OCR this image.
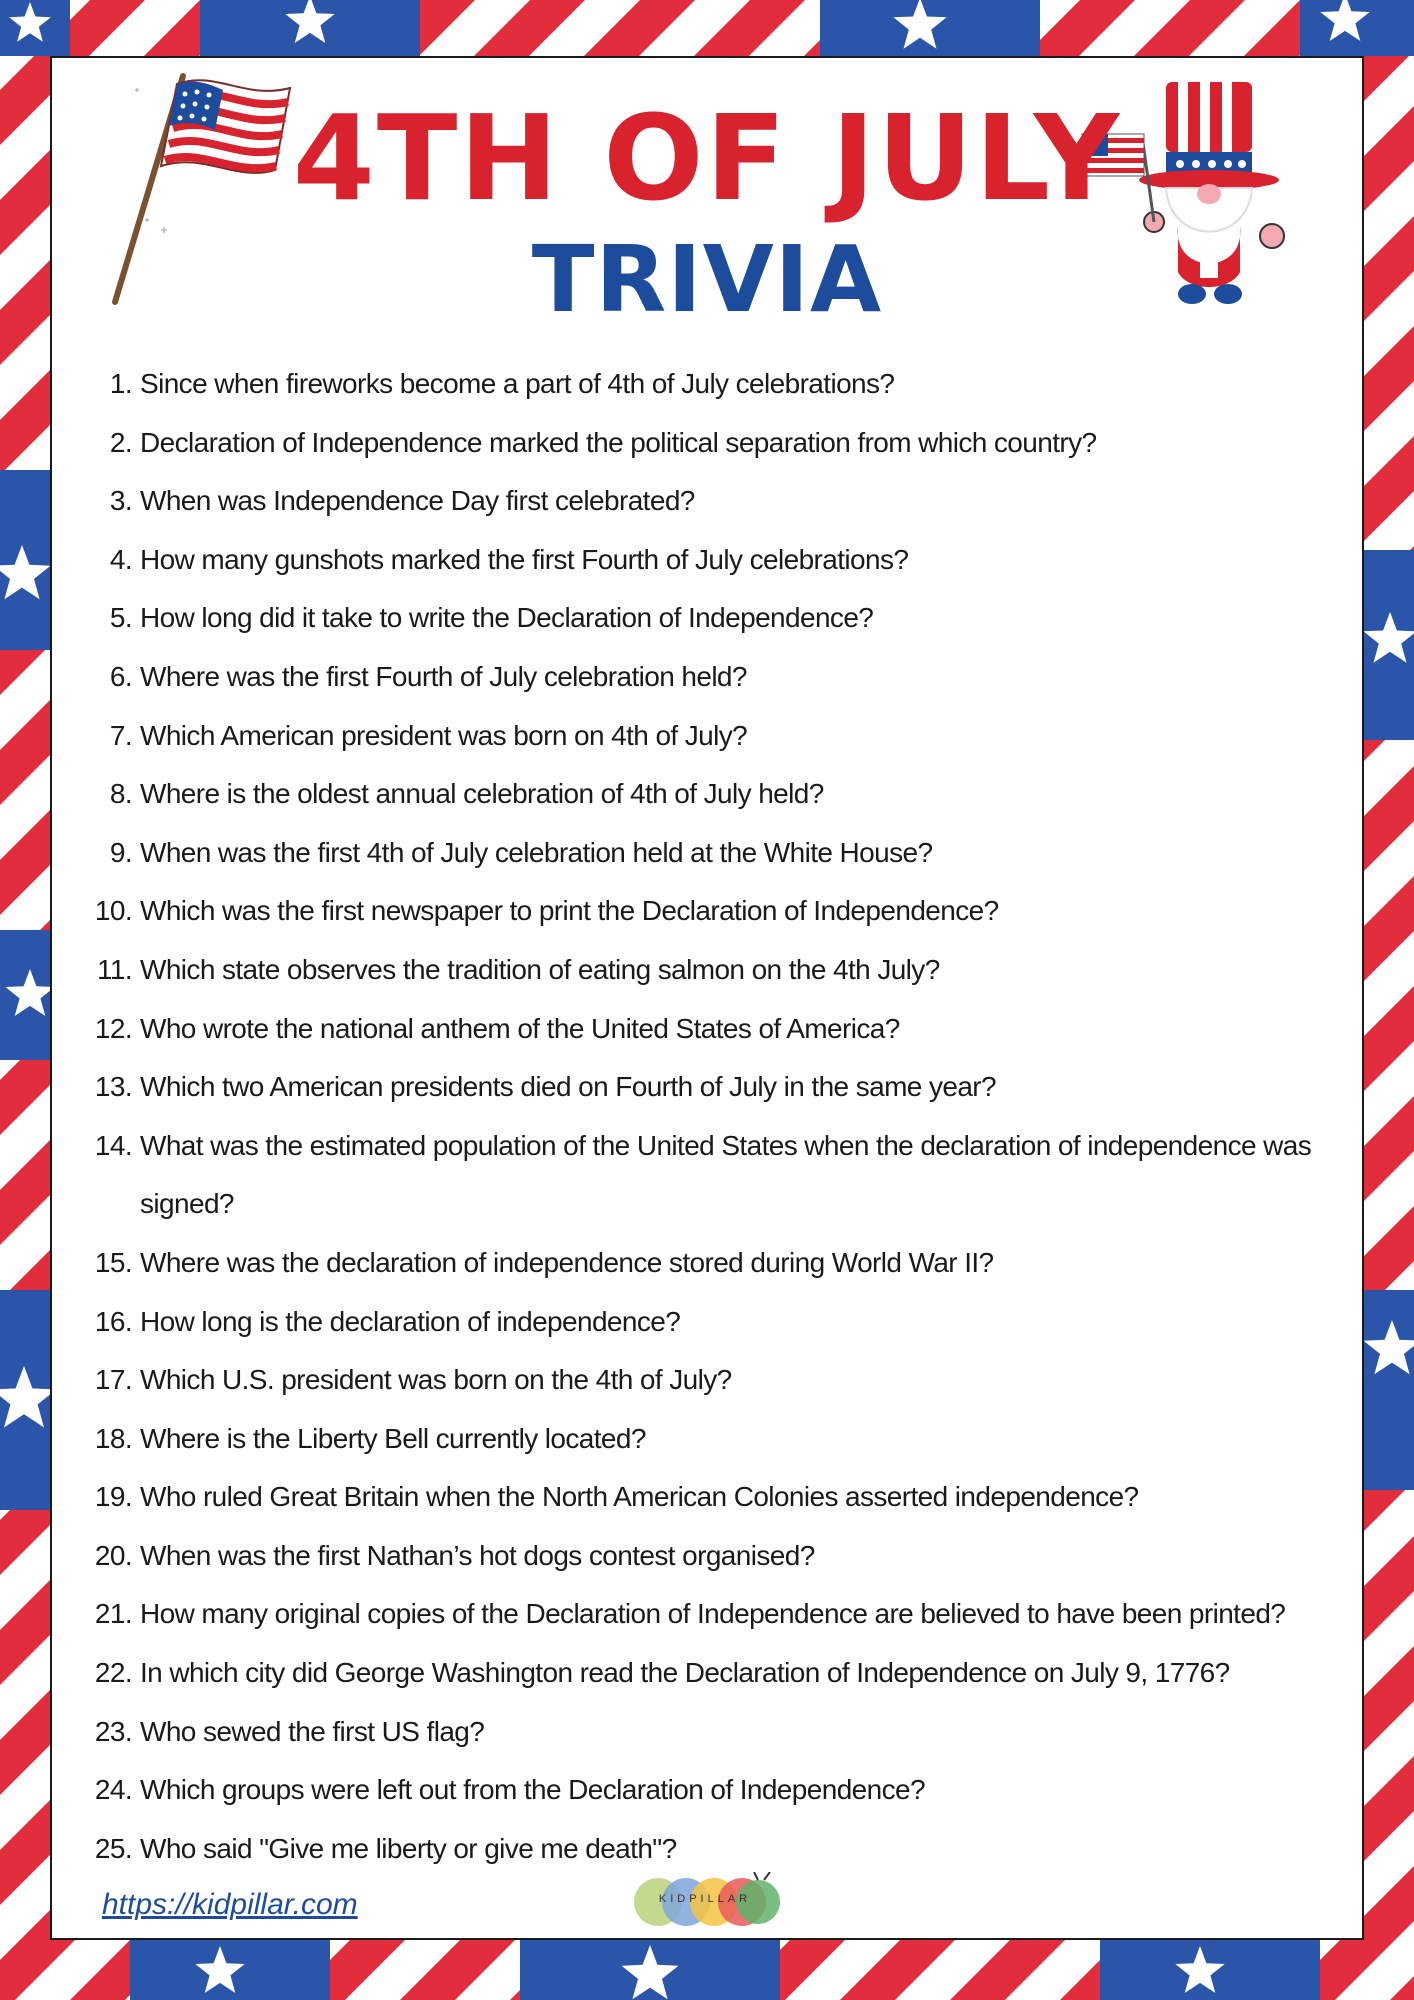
4TH OF JULY
TRIVIA
1. Since when fireworks become a part of 4th of July celebrations?
2. Declaration of Independence marked the political separation from which country?
3. When was Independence Day first celebrated?
4. How many gunshots marked the first Fourth of July celebrations?
5. How long did it take to write the Declaration of Independence?
6. Where was the first Fourth of July celebration held?
7. Which American president was born on 4th of July?
8. Where is the oldest annual celebration of 4th of July held?
9. When was the first 4th of July celebration held at the White House?
10. Which was the first newspaper to print the Declaration of Independence?
11. Which state observes the tradition of eating salmon on the 4th July?
12. Who wrote the national anthem of the United States of America?
13. Which two American presidents died on Fourth of July in the same year?
14. What was the estimated population of the United States when the declaration of independence was signed?
15. Where was the declaration of independence stored during World War II?
16. How long is the declaration of independence?
17. Which U.S. president was born on the 4th of July?
18. Where is the Liberty Bell currently located?
19. Who ruled Great Britain when the North American Colonies asserted independence?
20. When was the first Nathan’s hot dogs contest organised?
21. How many original copies of the Declaration of Independence are believed to have been printed?
22. In which city did George Washington read the Declaration of Independence on July 9, 1776?
23. Who sewed the first US flag?
24. Which groups were left out from the Declaration of Independence?
25. Who said "Give me liberty or give me death"?
https://kidpillar.com	KIDPILLAR
